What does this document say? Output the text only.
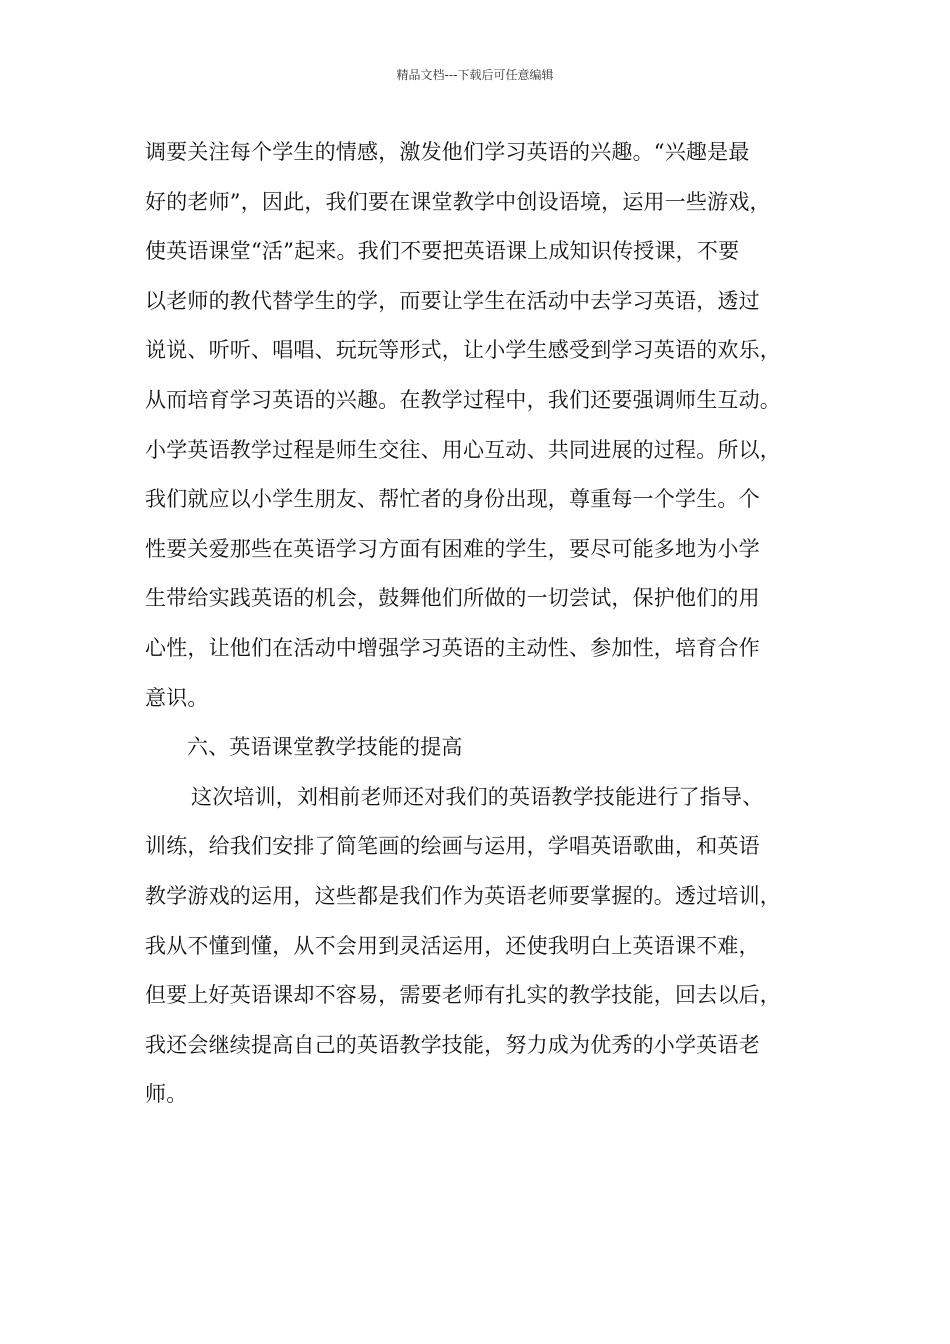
精品文档---下载后可任意编辑
调要关注每个学生的情感，激发他们学习英语的兴趣。“兴趣是最
好的老师”，因此，我们要在课堂教学中创设语境，运用一些游戏，
使英语课堂“活”起来。我们不要把英语课上成知识传授课，不要
以老师的教代替学生的学，而要让学生在活动中去学习英语，透过
说说、听听、唱唱、玩玩等形式，让小学生感受到学习英语的欢乐，
从而培育学习英语的兴趣。在教学过程中，我们还要强调师生互动。
小学英语教学过程是师生交往、用心互动、共同进展的过程。所以，
我们就应以小学生朋友、帮忙者的身份出现，尊重每一个学生。个
性要关爱那些在英语学习方面有困难的学生，要尽可能多地为小学
生带给实践英语的机会，鼓舞他们所做的一切尝试，保护他们的用
心性，让他们在活动中增强学习英语的主动性、参加性，培育合作
意识。
六、英语课堂教学技能的提高
这次培训，刘相前老师还对我们的英语教学技能进行了指导、
训练，给我们安排了简笔画的绘画与运用，学唱英语歌曲，和英语
教学游戏的运用，这些都是我们作为英语老师要掌握的。透过培训，
我从不懂到懂，从不会用到灵活运用，还使我明白上英语课不难，
但要上好英语课却不容易，需要老师有扎实的教学技能，回去以后，
我还会继续提高自己的英语教学技能，努力成为优秀的小学英语老
师。
